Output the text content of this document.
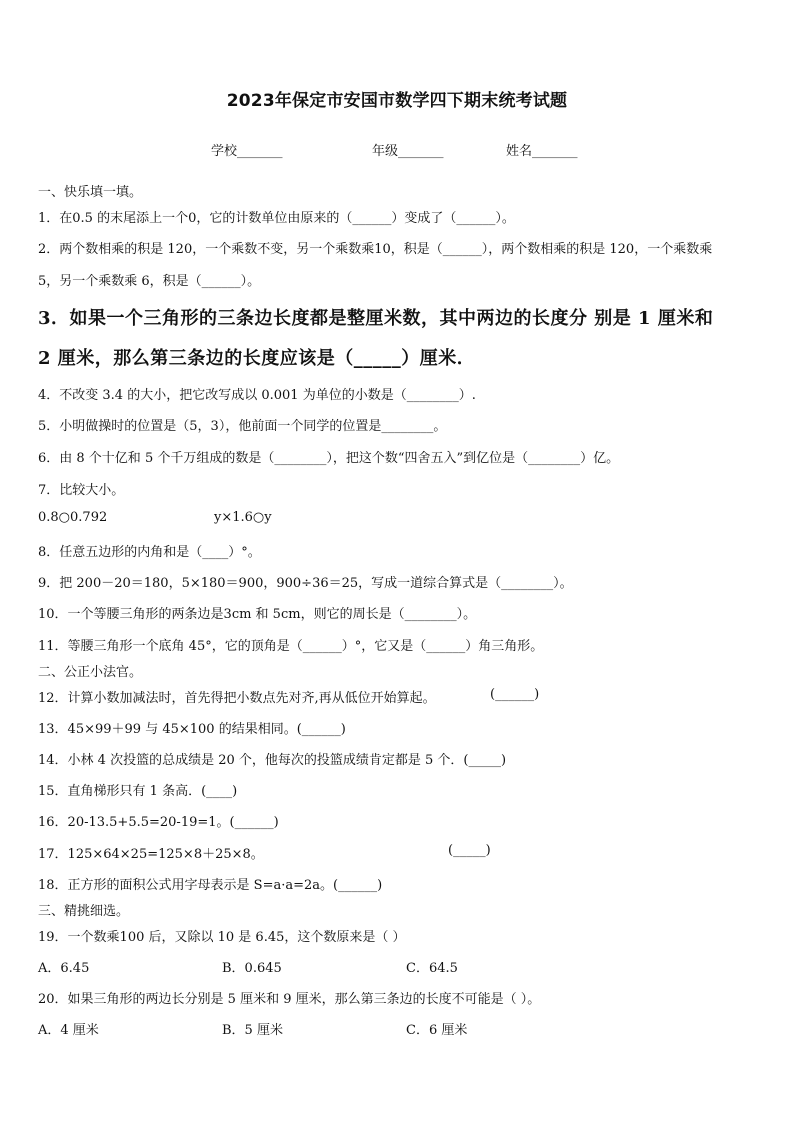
2023年保定市安国市数学四下期末统考试题
学校_______	年级_______	姓名_______
一、快乐填一填。
1．在0.5 的末尾添上一个0，它的计数单位由原来的（______）变成了（______）。
2．两个数相乘的积是 120，一个乘数不变，另一个乘数乘10，积是（______），两个数相乘的积是 120，一个乘数乘
5，另一个乘数乘 6，积是（______）。
3．如果一个三角形的三条边长度都是整厘米数，其中两边的长度分 别是 1 厘米和
2 厘米，那么第三条边的长度应该是（_____）厘米．
4．不改变 3.4 的大小，把它改写成以 0.001 为单位的小数是（________）.
5．小明做操时的位置是（5，3），他前面一个同学的位置是________。
6．由 8 个十亿和 5 个千万组成的数是（________），把这个数“四舍五入”到亿位是（________）亿。
7．比较大小。
0.8○0.792	y×1.6○y
8．任意五边形的内角和是（____）°。
9．把 200－20＝180，5×180＝900，900÷36＝25，写成一道综合算式是（________）。
10．一个等腰三角形的两条边是3cm 和 5cm，则它的周长是（________）。
11．等腰三角形一个底角 45°，它的顶角是（______）°，它又是（______）角三角形。
二、公正小法官。
12．计算小数加减法时，首先得把小数点先对齐,再从低位开始算起。	(______)
13．45×99＋99 与 45×100 的结果相同。(______)
14．小林 4 次投篮的总成绩是 20 个，他每次的投篮成绩肯定都是 5 个．(_____)
15．直角梯形只有 1 条高．(____)
16．20-13.5+5.5=20-19=1。(______)
17．125×64×25=125×8＋25×8。	(_____)
18．正方形的面积公式用字母表示是 S=a·a=2a。(______)
三、精挑细选。
19．一个数乘100 后，又除以 10 是 6.45，这个数原来是（ ）
A．6.45	B．0.645	C．64.5
20．如果三角形的两边长分别是 5 厘米和 9 厘米，那么第三条边的长度不可能是（ ）。
A．4 厘米	B．5 厘米	C．6 厘米
